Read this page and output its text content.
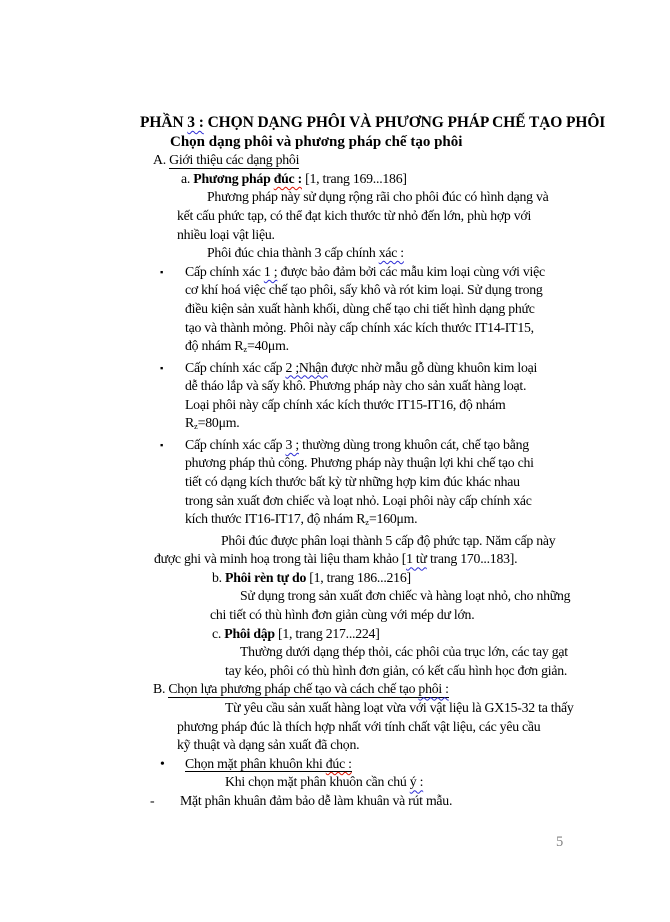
PHẦN 3 : CHỌN DẠNG PHÔI VÀ PHƯƠNG PHÁP CHẾ TẠO PHÔI
Chọn dạng phôi và phương pháp chế tạo phôi
A. Giới thiệu các dạng phôi
a. Phương pháp đúc : [1, trang 169...186]
Phương pháp này sử dụng rộng rãi cho phôi đúc có hình dạng và
kết cấu phức tạp, có thể đạt kich thước từ nhỏ đến lớn, phù hợp với
nhiều loại vật liệu.
Phôi đúc chia thành 3 cấp chính xác :
▪ Cấp chính xác 1 ; được bảo đảm bởi các mẫu kim loại cùng với việc
cơ khí hoá việc chế tạo phôi, sấy khô và rót kim loại. Sử dụng trong
điều kiện sản xuất hành khối, dùng chế tạo chi tiết hình dạng phức
tạo và thành mỏng. Phôi này cấp chính xác kích thước IT14-IT15,
độ nhám $R_z=40\mu m$.
▪ Cấp chính xác cấp 2 ;Nhận được nhờ mẫu gỗ dùng khuôn kim loại
dễ tháo lắp và sấy khô. Phương pháp này cho sản xuất hàng loạt.
Loại phôi này cấp chính xác kích thước IT15-IT16, độ nhám
$R_z=80\mu m$.
▪ Cấp chính xác cấp 3 ; thường dùng trong khuôn cát, chế tạo bằng
phương pháp thủ công. Phương pháp này thuận lợi khi chế tạo chi
tiết có dạng kích thước bất kỳ từ những hợp kim đúc khác nhau
trong sản xuất đơn chiếc và loạt nhỏ. Loại phôi này cấp chính xác
kích thước IT16-IT17, độ nhám $R_z=160\mu m$.
Phôi đúc được phân loại thành 5 cấp độ phức tạp. Năm cấp này
được ghi và minh hoạ trong tài liệu tham khảo [1 từ trang 170...183].
b. Phôi rèn tự do [1, trang 186...216]
Sử dụng trong sản xuất đơn chiếc và hàng loạt nhỏ, cho những
chi tiết có thù hình đơn giản cùng với mép dư lớn.
c. Phôi dập [1, trang 217...224]
Thường dưới dạng thép thỏi, các phôi của trục lớn, các tay gạt
tay kéo, phôi có thù hình đơn giản, có kết cấu hình học đơn giản.
B. Chọn lựa phương pháp chế tạo và cách chế tạo phôi :
Từ yêu cầu sản xuất hàng loạt vừa với vật liệu là GX15-32 ta thấy
phương pháp đúc là thích hợp nhất với tính chất vật liệu, các yêu cầu
kỹ thuật và dạng sản xuất đã chọn.
• Chọn mặt phân khuôn khi đúc :
Khi chọn mặt phân khuôn cần chú ý :
- Mặt phân khuân đảm bảo dễ làm khuân và rút mẫu.
5
